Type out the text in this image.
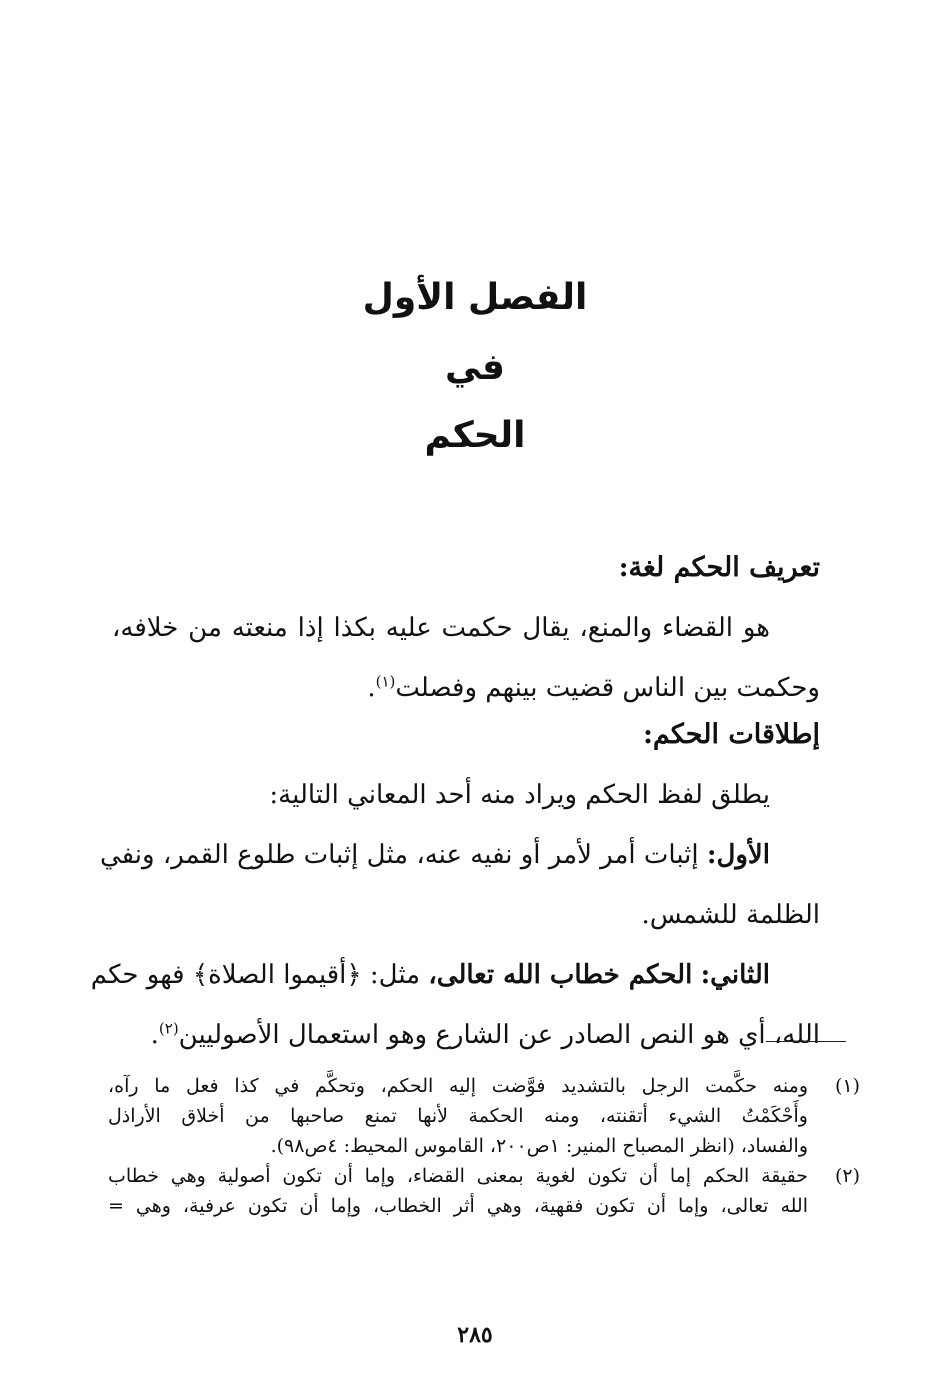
الفصل الأول
في
الحكم
تعريف الحكم لغة:
هو القضاء والمنع، يقال حكمت عليه بكذا إذا منعته من خلافه،
وحكمت بين الناس قضيت بينهم وفصلت$^{(١)}$.
إطلاقات الحكم:
يطلق لفظ الحكم ويراد منه أحد المعاني التالية:
الأول: إثبات أمر لأمر أو نفيه عنه، مثل إثبات طلوع القمر، ونفي
الظلمة للشمس.
الثاني: الحكم خطاب الله تعالى، مثل: ﴿أقيموا الصلاة﴾ فهو حكم
الله، أي هو النص الصادر عن الشارع وهو استعمال الأصوليين$^{(٢)}$.
(١)
ومنه حكَّمت الرجل بالتشديد فوَّضت إليه الحكم، وتحكَّم في كذا فعل ما رآه،
وأَحْكَمْتُ الشيء أتقنته، ومنه الحكمة لأنها تمنع صاحبها من أخلاق الأراذل
والفساد، (انظر المصباح المنير: ١ص٢٠٠، القاموس المحيط: ٤ص٩٨).
(٢)
حقيقة الحكم إما أن تكون لغوية بمعنى القضاء، وإما أن تكون أصولية وهي خطاب
الله تعالى، وإما أن تكون فقهية، وهي أثر الخطاب، وإما أن تكون عرفية، وهي =
٢٨٥
